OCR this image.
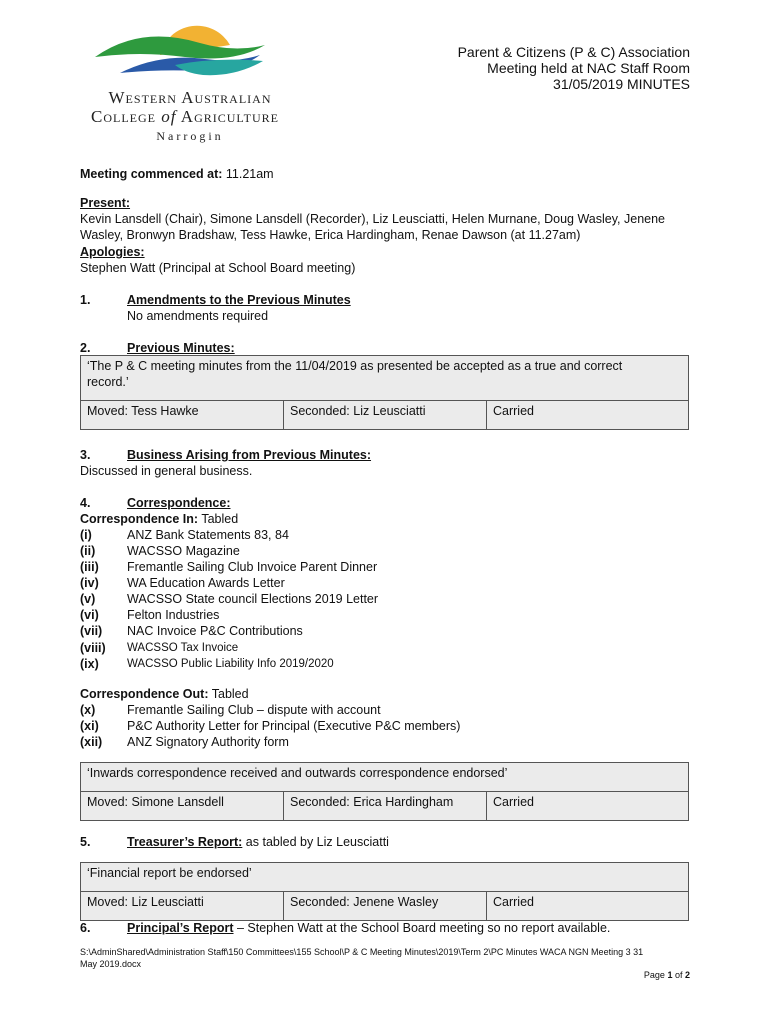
Western Australian
College of Agriculture
Narrogin
Parent & Citizens (P & C) Association
Meeting held at NAC Staff Room
31/05/2019 MINUTES
Meeting commenced at: 11.21am
Present:
Kevin Lansdell (Chair), Simone Lansdell (Recorder), Liz Leusciatti, Helen Murnane, Doug Wasley, Jenene
Wasley, Bronwyn Bradshaw, Tess Hawke, Erica Hardingham, Renae Dawson (at 11.27am)
Apologies:
Stephen Watt (Principal at School Board meeting)
1.	Amendments to the Previous Minutes
No amendments required
2.	Previous Minutes:
‘The P & C meeting minutes from the 11/04/2019 as presented be accepted as a true and correct record.’
Moved: Tess Hawke	Seconded: Liz Leusciatti	Carried
3.	Business Arising from Previous Minutes:
Discussed in general business.
4.	Correspondence:
Correspondence In: Tabled
(i)	ANZ Bank Statements 83, 84
(ii)	WACSSO Magazine
(iii) Fremantle Sailing Club Invoice Parent Dinner
(iv) WA Education Awards Letter
(v)	WACSSO State council Elections 2019 Letter
(vi) Felton Industries
(vii) NAC Invoice P&C Contributions
(viii) WACSSO Tax Invoice
(ix) WACSSO Public Liability Info 2019/2020
Correspondence Out: Tabled
(x)	Fremantle Sailing Club – dispute with account
(xi) P&C Authority Letter for Principal (Executive P&C members)
(xii) ANZ Signatory Authority form
‘Inwards correspondence received and outwards correspondence endorsed’
Moved: Simone Lansdell	Seconded: Erica Hardingham	Carried
5.	Treasurer’s Report: as tabled by Liz Leusciatti
‘Financial report be endorsed’
Moved: Liz Leusciatti	Seconded: Jenene Wasley	Carried
6.	Principal’s Report – Stephen Watt at the School Board meeting so no report available.
S:\AdminShared\Administration Staff\150 Committees\155 School\P & C Meeting Minutes\2019\Term 2\PC Minutes WACA NGN Meeting 3 31
May 2019.docx
Page 1 of 2
